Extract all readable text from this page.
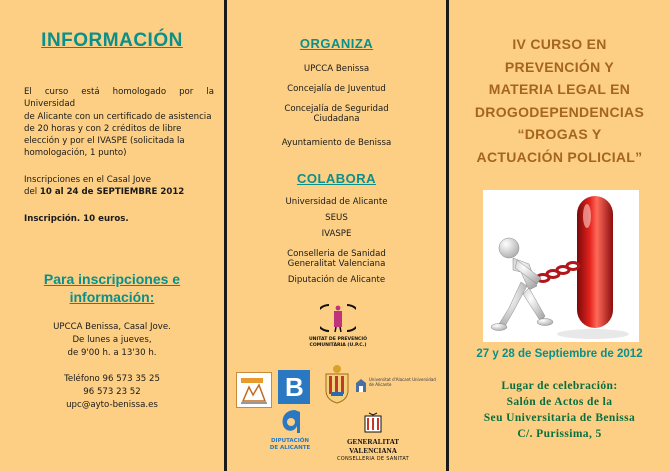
INFORMACIÓN
El curso está homologado por la Universidad
de Alicante con un certificado de asistencia
de 20 horas y con 2 créditos de libre
elección y por el IVASPE (solicitada la
homologación, 1 punto)
Inscripciones en el Casal Jove
del 10 al 24 de SEPTIEMBRE 2012
Inscripción. 10 euros.
Para inscripciones e
información:
UPCCA Benissa, Casal Jove.
De lunes a jueves,
de 9'00 h. a 13'30 h.
Teléfono 96 573 35 25
96 573 23 52
upc@ayto-benissa.es
ORGANIZA
UPCCA Benissa
Concejalía de Juventud
Concejalía de Seguridad Ciudadana
Ayuntamiento de Benissa
COLABORA
Universidad de Alicante
SEUS
IVASPE
Conselleria de Sanidad Generalitat Valenciana
Diputación de Alicante
UNITAT DE PREVENCIÓ COMUNITÀRIA (U.P.C.)
B	Universitat d'Alacant Universidad de Alicante
DIPUTACIÓN
DE ALICANTE
GENERALITAT VALENCIANA
CONSELLERIA DE SANITAT
IV CURSO EN
PREVENCIÓN Y
MATERIA LEGAL EN
DROGODEPENDENCIAS
“DROGAS Y
ACTUACIÓN POLICIAL”
27 y 28 de Septiembre de 2012
Lugar de celebración:
Salón de Actos de la
Seu Universitaria de Benissa
C/. Purissima, 5
